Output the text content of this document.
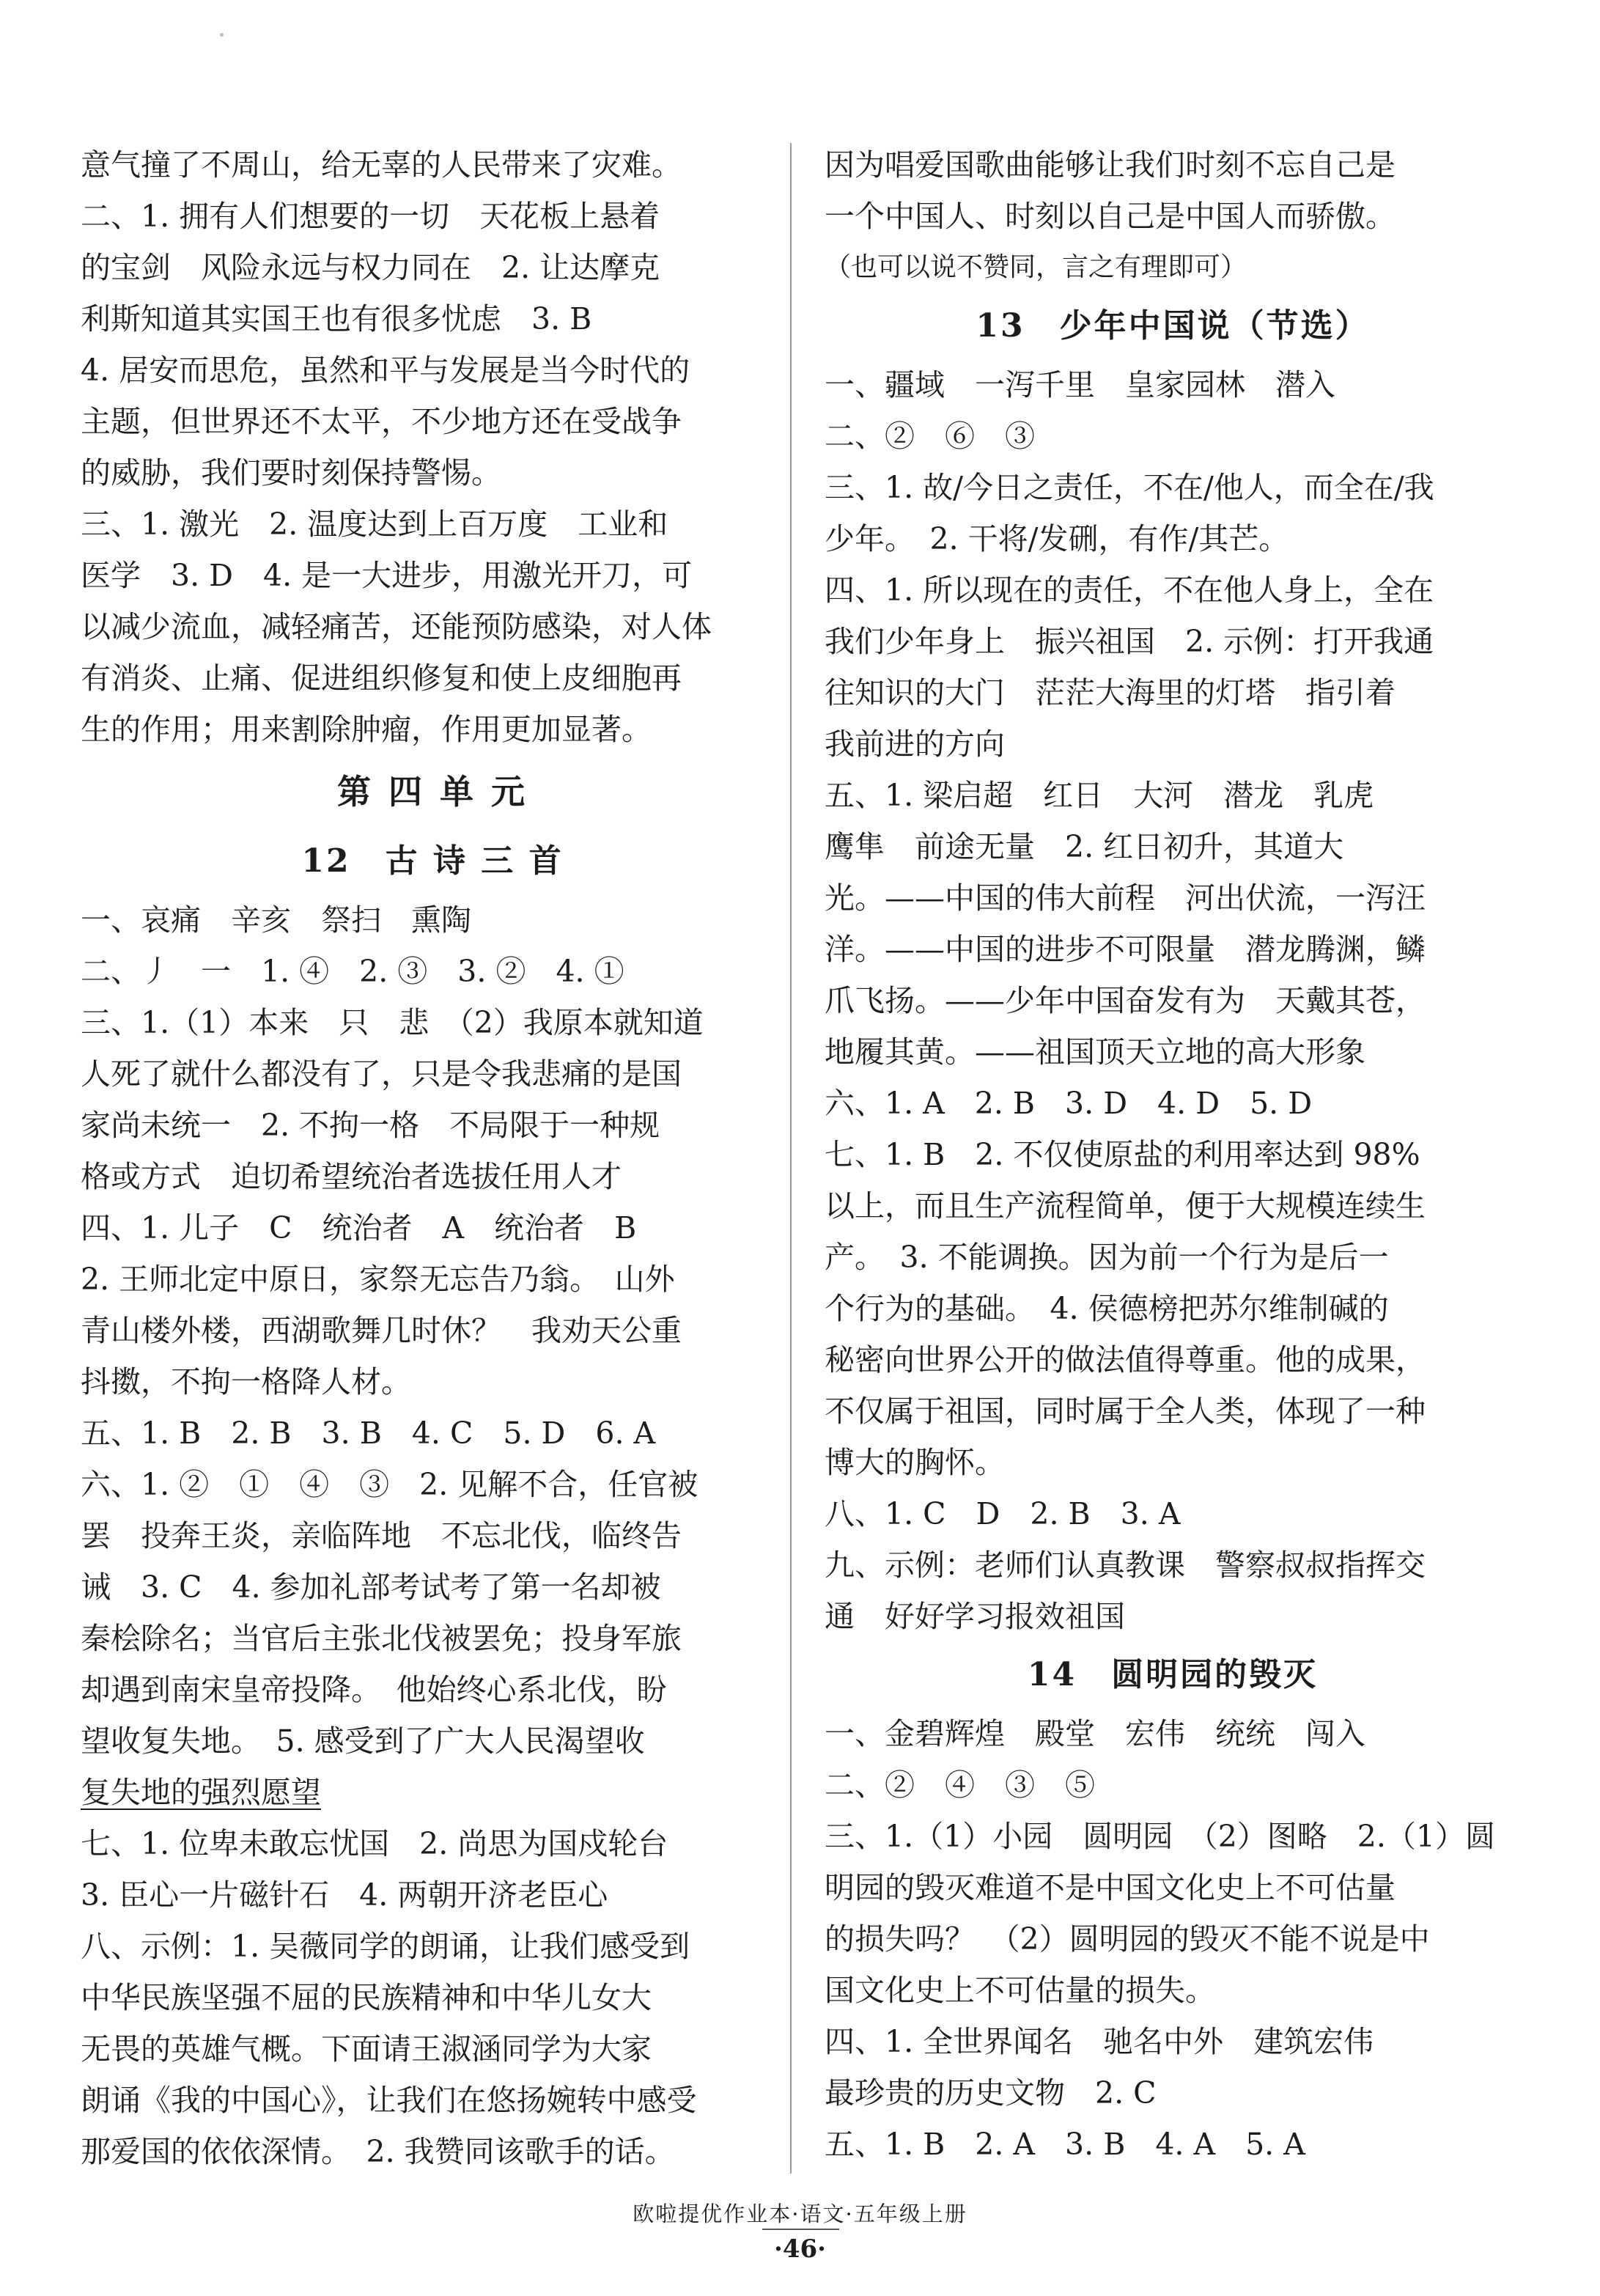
意气撞了不周山，给无辜的人民带来了灾难。
二、1. 拥有人们想要的一切　天花板上悬着
的宝剑　风险永远与权力同在　2. 让达摩克
利斯知道其实国王也有很多忧虑　3. B
4. 居安而思危，虽然和平与发展是当今时代的
主题，但世界还不太平，不少地方还在受战争
的威胁，我们要时刻保持警惕。
三、1. 激光　2. 温度达到上百万度　工业和
医学　3. D　4. 是一大进步，用激光开刀，可
以减少流血，减轻痛苦，还能预防感染，对人体
有消炎、止痛、促进组织修复和使上皮细胞再
生的作用；用来割除肿瘤，作用更加显著。
第 四 单 元
12　古 诗 三 首
一、哀痛　辛亥　祭扫　熏陶
二、丿　一　1. ④　2. ③　3. ②　4. ①
三、1.（1）本来　只　悲　（2）我原本就知道
人死了就什么都没有了，只是令我悲痛的是国
家尚未统一　2. 不拘一格　不局限于一种规
格或方式　迫切希望统治者选拔任用人才
四、1. 儿子　C　统治者　A　统治者　B
2. 王师北定中原日，家祭无忘告乃翁。　山外
青山楼外楼，西湖歌舞几时休？　我劝天公重
抖擞，不拘一格降人材。
五、1. B　2. B　3. B　4. C　5. D　6. A
六、1. ②　①　④　③　2. 见解不合，任官被
罢　投奔王炎，亲临阵地　不忘北伐，临终告
诫　3. C　4. 参加礼部考试考了第一名却被
秦桧除名；当官后主张北伐被罢免；投身军旅
却遇到南宋皇帝投降。　他始终心系北伐，盼
望收复失地。　5. 感受到了广大人民渴望收
复失地的强烈愿望
七、1. 位卑未敢忘忧国　2. 尚思为国戍轮台
3. 臣心一片磁针石　4. 两朝开济老臣心
八、示例：1. 吴薇同学的朗诵，让我们感受到
中华民族坚强不屈的民族精神和中华儿女大
无畏的英雄气概。下面请王淑涵同学为大家
朗诵《我的中国心》，让我们在悠扬婉转中感受
那爱国的依依深情。　2. 我赞同该歌手的话。
因为唱爱国歌曲能够让我们时刻不忘自己是
一个中国人、时刻以自己是中国人而骄傲。
（也可以说不赞同，言之有理即可）
13　少年中国说（节选）
一、疆域　一泻千里　皇家园林　潜入
二、②　⑥　③
三、1. 故/今日之责任，不在/他人，而全在/我
少年。　2. 干将/发硎，有作/其芒。
四、1. 所以现在的责任，不在他人身上，全在
我们少年身上　振兴祖国　2. 示例：打开我通
往知识的大门　茫茫大海里的灯塔　指引着
我前进的方向
五、1. 梁启超　红日　大河　潜龙　乳虎
鹰隼　前途无量　2. 红日初升，其道大
光。——中国的伟大前程　河出伏流，一泻汪
洋。——中国的进步不可限量　潜龙腾渊，鳞
爪飞扬。——少年中国奋发有为　天戴其苍，
地履其黄。——祖国顶天立地的高大形象
六、1. A　2. B　3. D　4. D　5. D
七、1. B　2. 不仅使原盐的利用率达到 98%
以上，而且生产流程简单，便于大规模连续生
产。　3. 不能调换。因为前一个行为是后一
个行为的基础。　4. 侯德榜把苏尔维制碱的
秘密向世界公开的做法值得尊重。他的成果，
不仅属于祖国，同时属于全人类，体现了一种
博大的胸怀。
八、1. C　D　2. B　3. A
九、示例：老师们认真教课　警察叔叔指挥交
通　好好学习报效祖国
14　圆明园的毁灭
一、金碧辉煌　殿堂　宏伟　统统　闯入
二、②　④　③　⑤
三、1.（1）小园　圆明园　（2）图略　2.（1）圆
明园的毁灭难道不是中国文化史上不可估量
的损失吗？　（2）圆明园的毁灭不能不说是中
国文化史上不可估量的损失。
四、1. 全世界闻名　驰名中外　建筑宏伟
最珍贵的历史文物　2. C
五、1. B　2. A　3. B　4. A　5. A
欧啦提优作业本·语文·五年级上册
·46·
